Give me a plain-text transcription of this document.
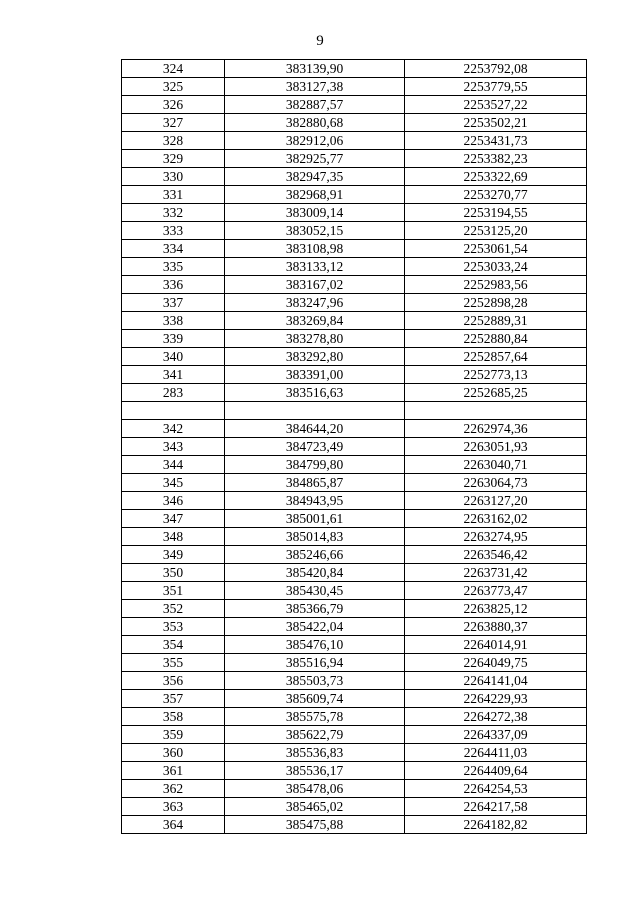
9
324	383139,90	2253792,08
325	383127,38	2253779,55
326	382887,57	2253527,22
327	382880,68	2253502,21
328	382912,06	2253431,73
329	382925,77	2253382,23
330	382947,35	2253322,69
331	382968,91	2253270,77
332	383009,14	2253194,55
333	383052,15	2253125,20
334	383108,98	2253061,54
335	383133,12	2253033,24
336	383167,02	2252983,56
337	383247,96	2252898,28
338	383269,84	2252889,31
339	383278,80	2252880,84
340	383292,80	2252857,64
341	383391,00	2252773,13
283	383516,63	2252685,25

342	384644,20	2262974,36
343	384723,49	2263051,93
344	384799,80	2263040,71
345	384865,87	2263064,73
346	384943,95	2263127,20
347	385001,61	2263162,02
348	385014,83	2263274,95
349	385246,66	2263546,42
350	385420,84	2263731,42
351	385430,45	2263773,47
352	385366,79	2263825,12
353	385422,04	2263880,37
354	385476,10	2264014,91
355	385516,94	2264049,75
356	385503,73	2264141,04
357	385609,74	2264229,93
358	385575,78	2264272,38
359	385622,79	2264337,09
360	385536,83	2264411,03
361	385536,17	2264409,64
362	385478,06	2264254,53
363	385465,02	2264217,58
364	385475,88	2264182,82
